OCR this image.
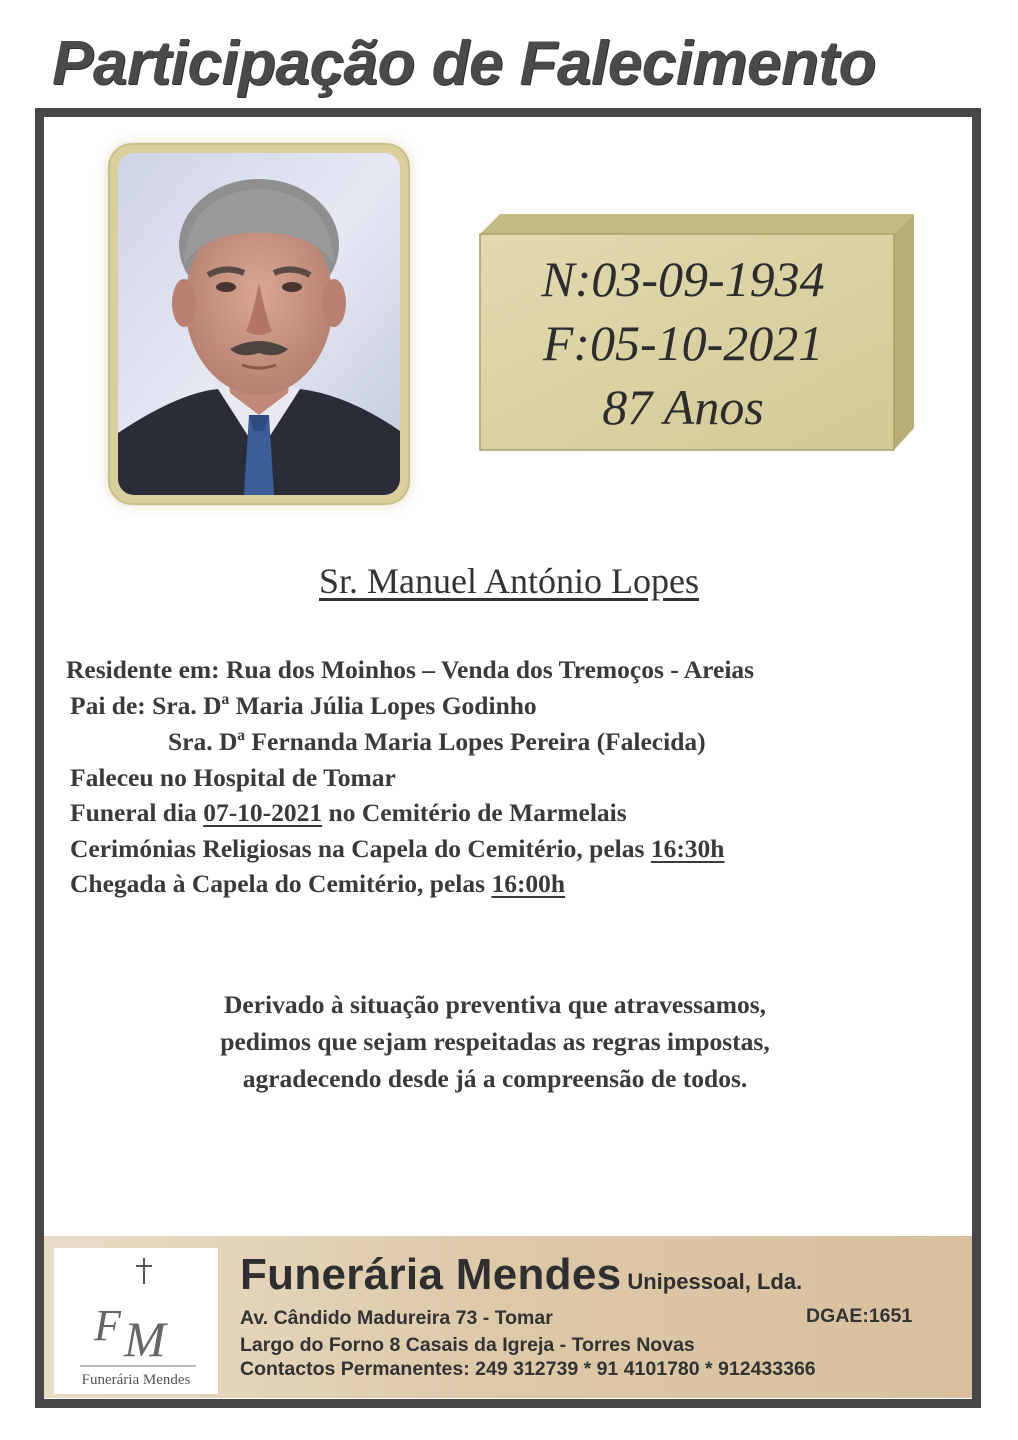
Participação de Falecimento
N:03-09-1934
F:05-10-2021
87 Anos
Sr. Manuel António Lopes
Residente em: Rua dos Moinhos – Venda dos Tremoços - Areias
Pai de: Sra. Dª Maria Júlia Lopes Godinho
Sra. Dª Fernanda Maria Lopes Pereira (Falecida)
Faleceu no Hospital de Tomar
Funeral dia 07-10-2021 no Cemitério de Marmelais
Cerimónias Religiosas na Capela do Cemitério, pelas 16:30h
Chegada à Capela do Cemitério, pelas 16:00h
Derivado à situação preventiva que atravessamos,
pedimos que sejam respeitadas as regras impostas,
agradecendo desde já a compreensão de todos.
F M
Funerária Mendes
Funerária Mendes Unipessoal, Lda.
Av. Cândido Madureira 73 - Tomar	DGAE:1651
Largo do Forno 8 Casais da Igreja - Torres Novas
Contactos Permanentes: 249 312739 * 91 4101780 * 912433366
